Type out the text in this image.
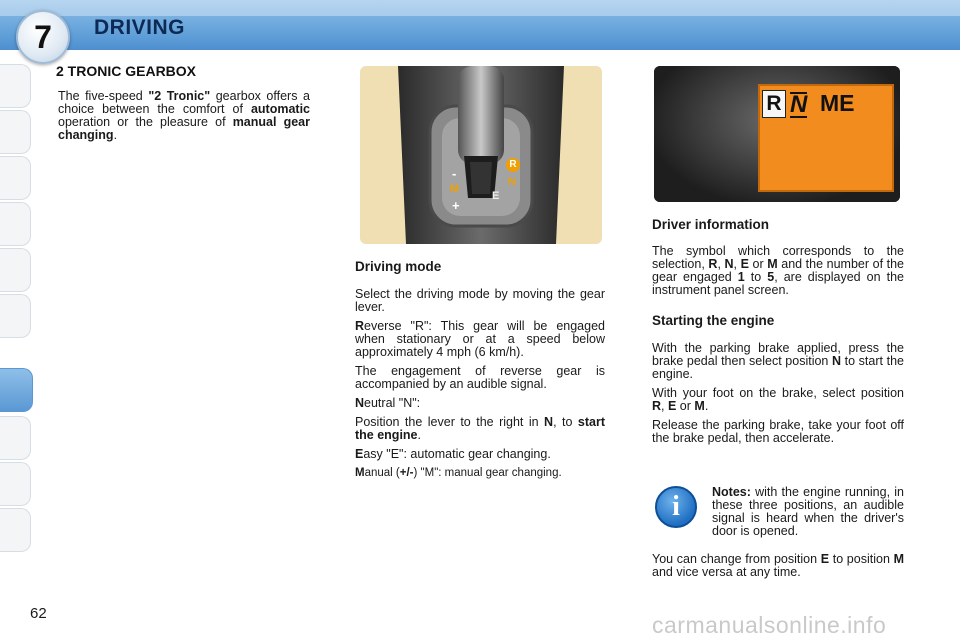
7	DRIVING
2 TRONIC GEARBOX

The five-speed "2 Tronic" gearbox offers a choice between the comfort of automatic operation or the pleasure of manual gear changing.

R
N
M
E
-
+
R N ME
Driving mode

Select the driving mode by moving the gear lever.

Reverse "R": This gear will be engaged when stationary or at a speed below approximately 4 mph (6 km/h).

The engagement of reverse gear is accompanied by an audible signal.

Neutral "N":

Position the lever to the right in N, to start the engine.

Easy "E": automatic gear changing.

Manual (+/-) "M": manual gear changing.

Driver information

The symbol which corresponds to the selection, R, N, E or M and the number of the gear engaged 1 to 5, are displayed on the instrument panel screen.

Starting the engine

With the parking brake applied, press the brake pedal then select position N to start the engine.

With your foot on the brake, select position R, E or M.

Release the parking brake, take your foot off the brake pedal, then accelerate.

i	Notes: with the engine running, in these three positions, an audible signal is heard when the driver's door is opened.

You can change from position E to position M and vice versa at any time.

62	carmanualsonline.info
